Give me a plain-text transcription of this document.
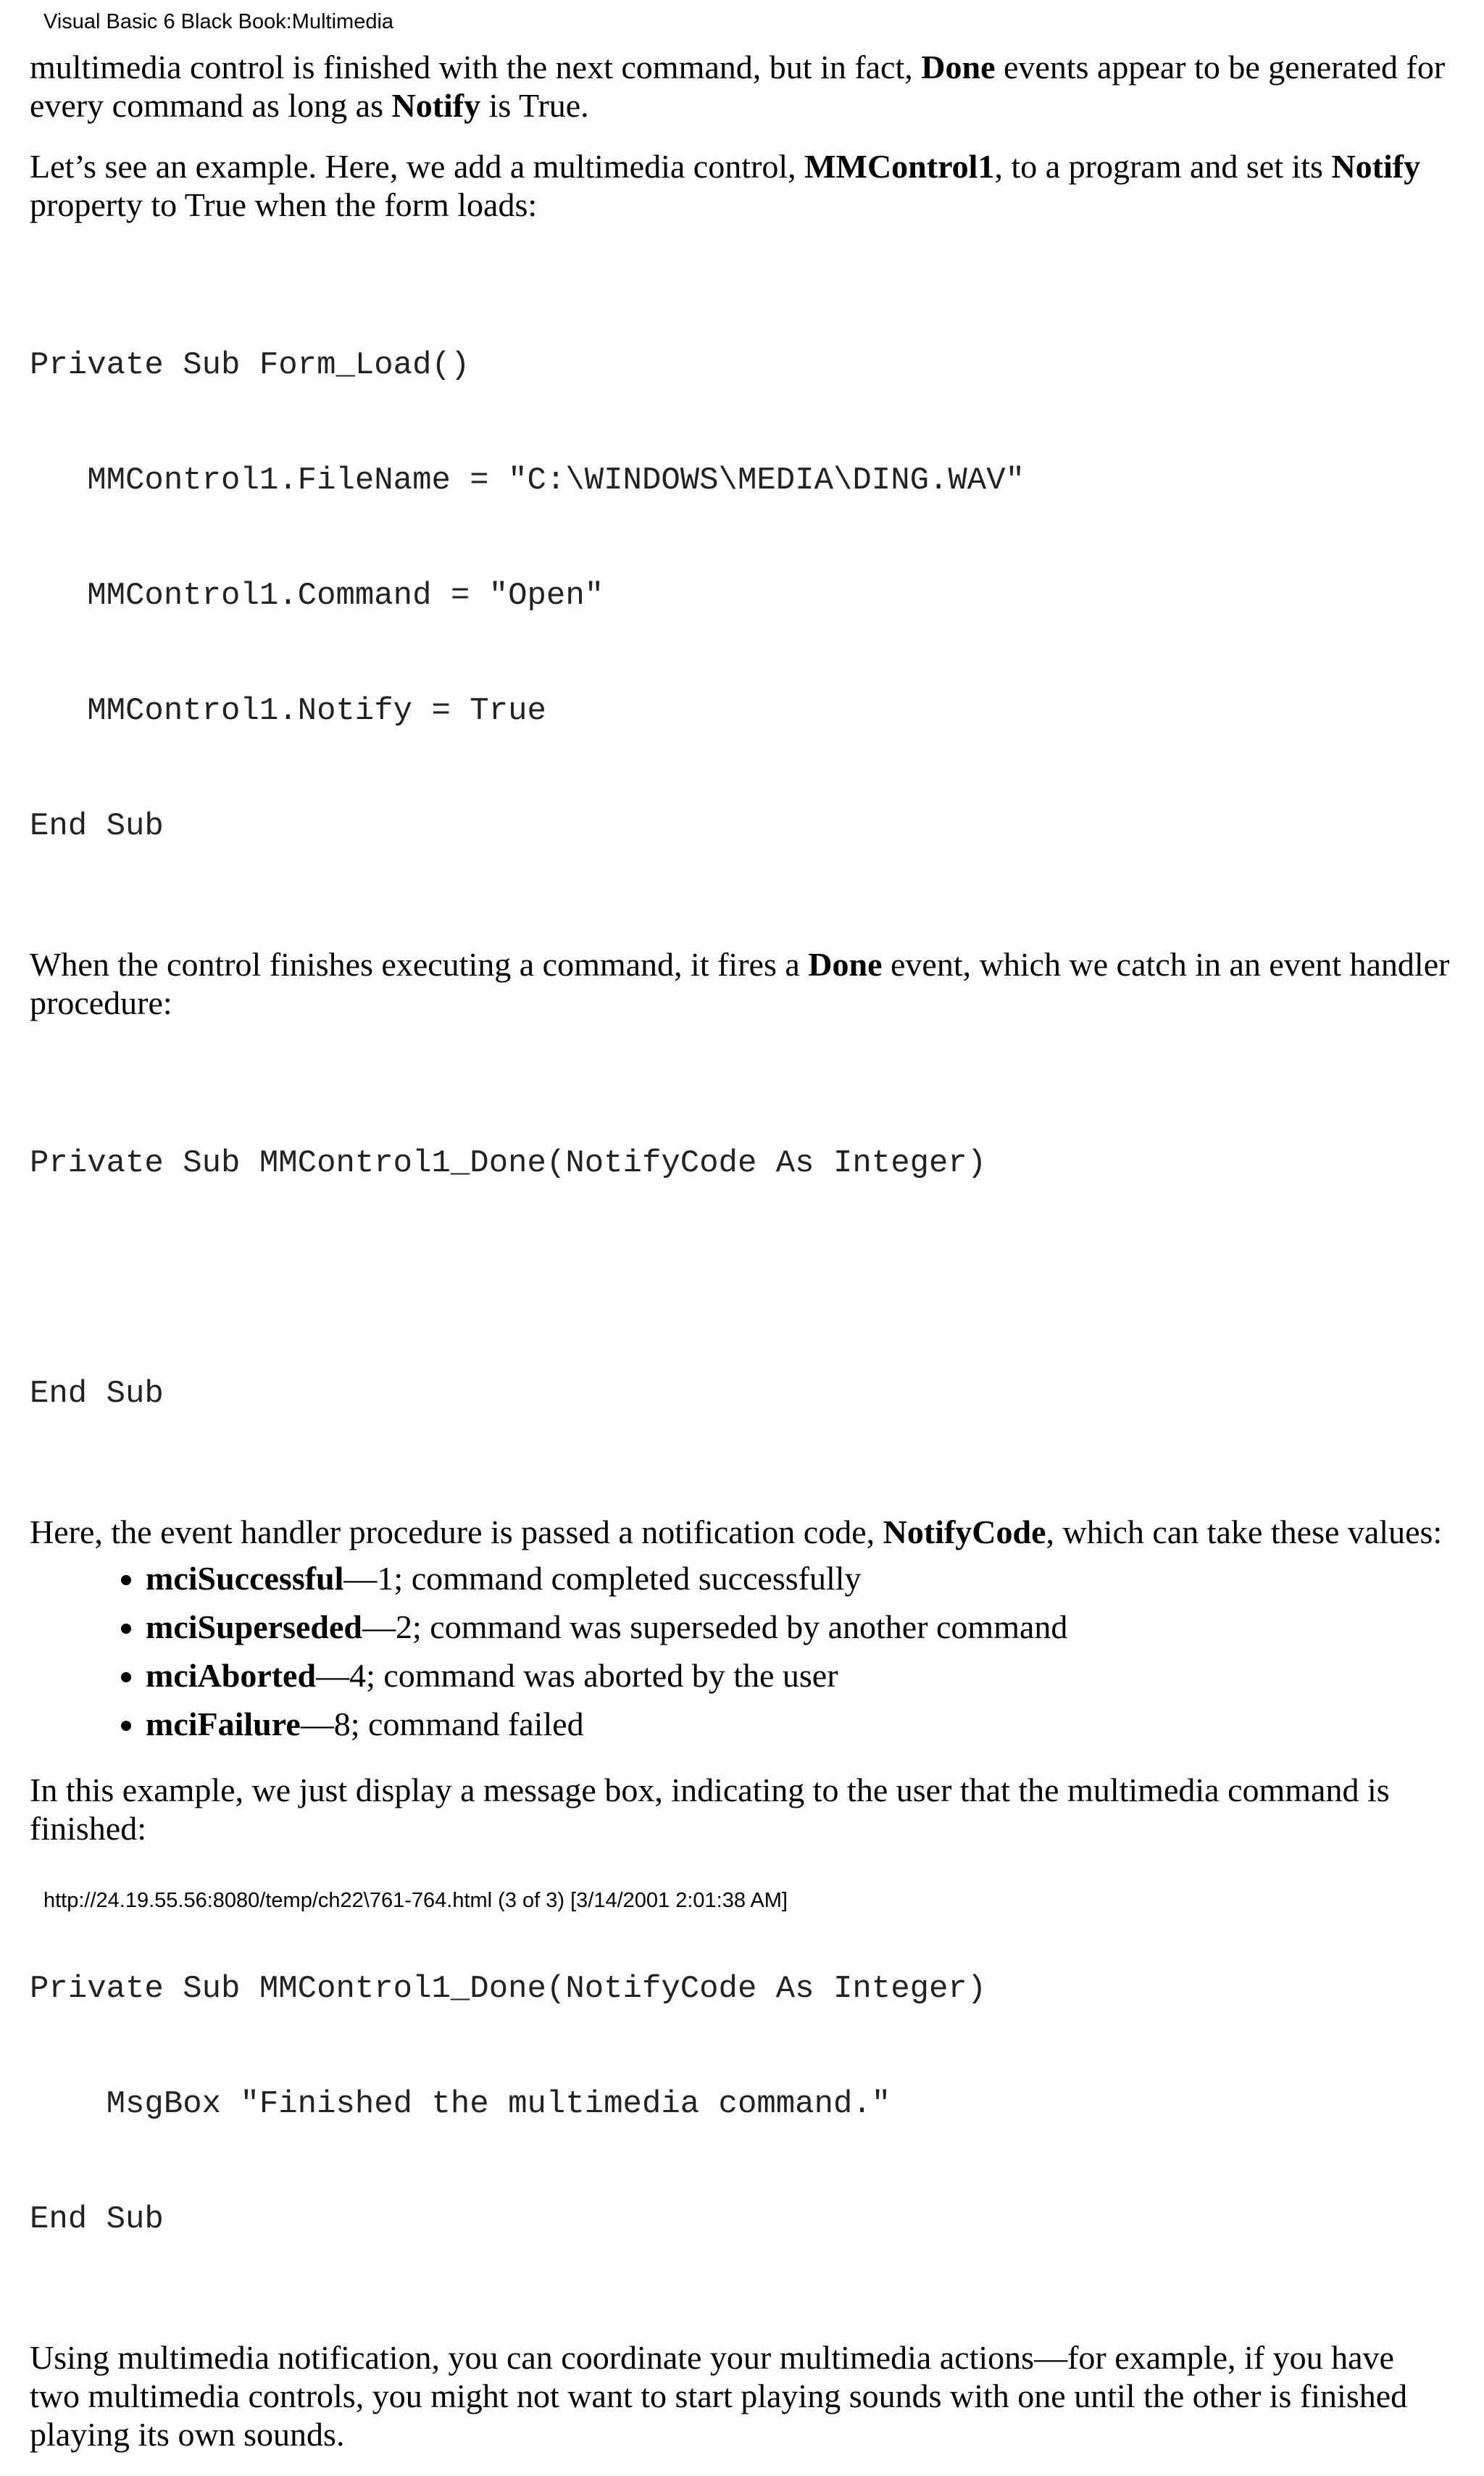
Visual Basic 6 Black Book:Multimedia

multimedia control is finished with the next command, but in fact, Done events appear to be generated for every command as long as Notify is True.

Let’s see an example. Here, we add a multimedia control, MMControl1, to a program and set its Notify property to True when the form loads:

Private Sub Form_Load()

MMControl1.FileName = "C:\WINDOWS\MEDIA\DING.WAV"

MMControl1.Command = "Open"

MMControl1.Notify = True

End Sub

When the control finishes executing a command, it fires a Done event, which we catch in an event handler procedure:

Private Sub MMControl1_Done(NotifyCode As Integer)

End Sub

Here, the event handler procedure is passed a notification code, NotifyCode, which can take these values:

• mciSuccessful—1; command completed successfully
• mciSuperseded—2; command was superseded by another command
• mciAborted—4; command was aborted by the user
• mciFailure—8; command failed

In this example, we just display a message box, indicating to the user that the multimedia command is finished:

Private Sub MMControl1_Done(NotifyCode As Integer)

MsgBox "Finished the multimedia command."

End Sub

Using multimedia notification, you can coordinate your multimedia actions—for example, if you have two multimedia controls, you might not want to start playing sounds with one until the other is finished playing its own sounds.

http://24.19.55.56:8080/temp/ch22\761-764.html (3 of 3) [3/14/2001 2:01:38 AM]
